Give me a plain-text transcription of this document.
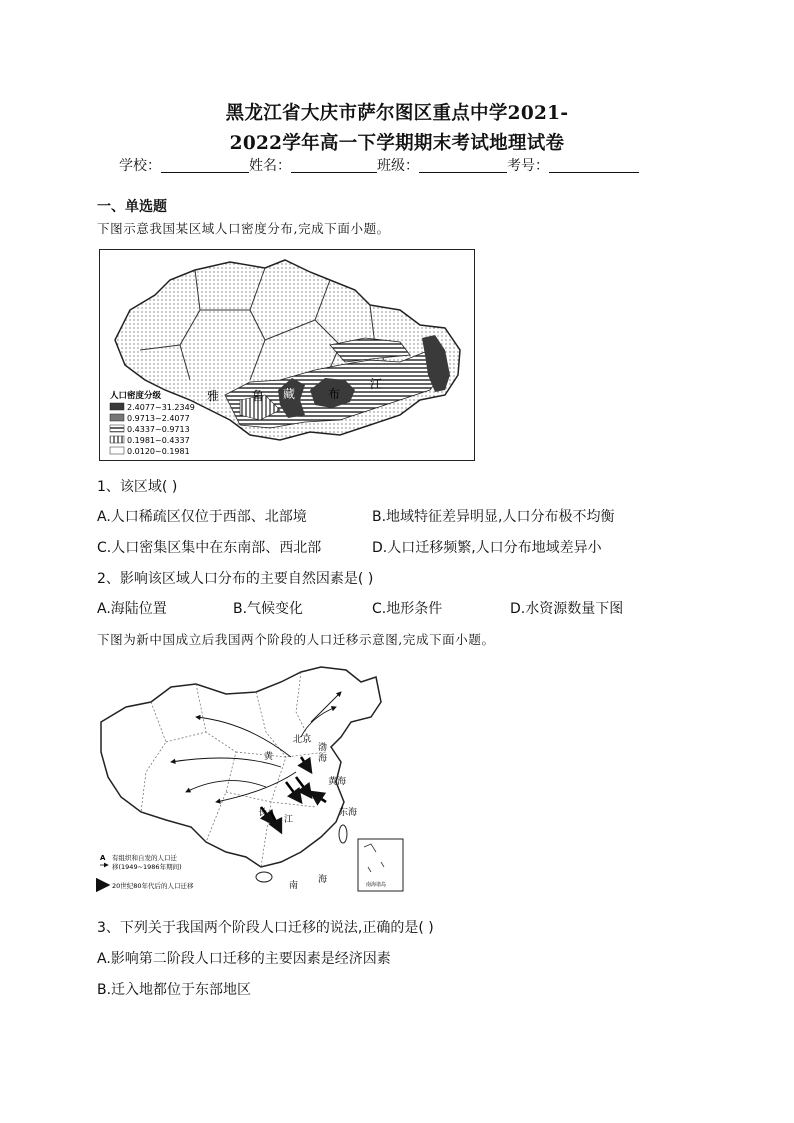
黑龙江省大庆市萨尔图区重点中学2021-
2022学年高一下学期期末考试地理试卷
学校：	姓名：	班级：	考号：
一、单选题
下图示意我国某区域人口密度分布,完成下面小题。
雅	鲁 藏	布
江
人口密度分级
2.4077~31.2349
0.9713~2.4077
0.4337~0.9713
0.1981~0.4337
0.0120~0.1981
1、该区域( )
A.人口稀疏区仅位于西部、北部境	B.地域特征差异明显,人口分布极不均衡
C.人口密集区集中在东南部、西北部	D.人口迁移频繁,人口分布地域差异小
2、影响该区域人口分布的主要自然因素是( )
A.海陆位置	B.气候变化	C.地形条件	D.水资源数量下图
下图为新中国成立后我国两个阶段的人口迁移示意图,完成下面小题。
北京
渤
海
黄
黄海
东海
长
江
南
海	南海诸岛
A 有组织和自发的人口迁
移(1949~1986年期间)
20世纪80年代后的人口迁移
3、下列关于我国两个阶段人口迁移的说法,正确的是( )
A.影响第二阶段人口迁移的主要因素是经济因素
B.迁入地都位于东部地区
